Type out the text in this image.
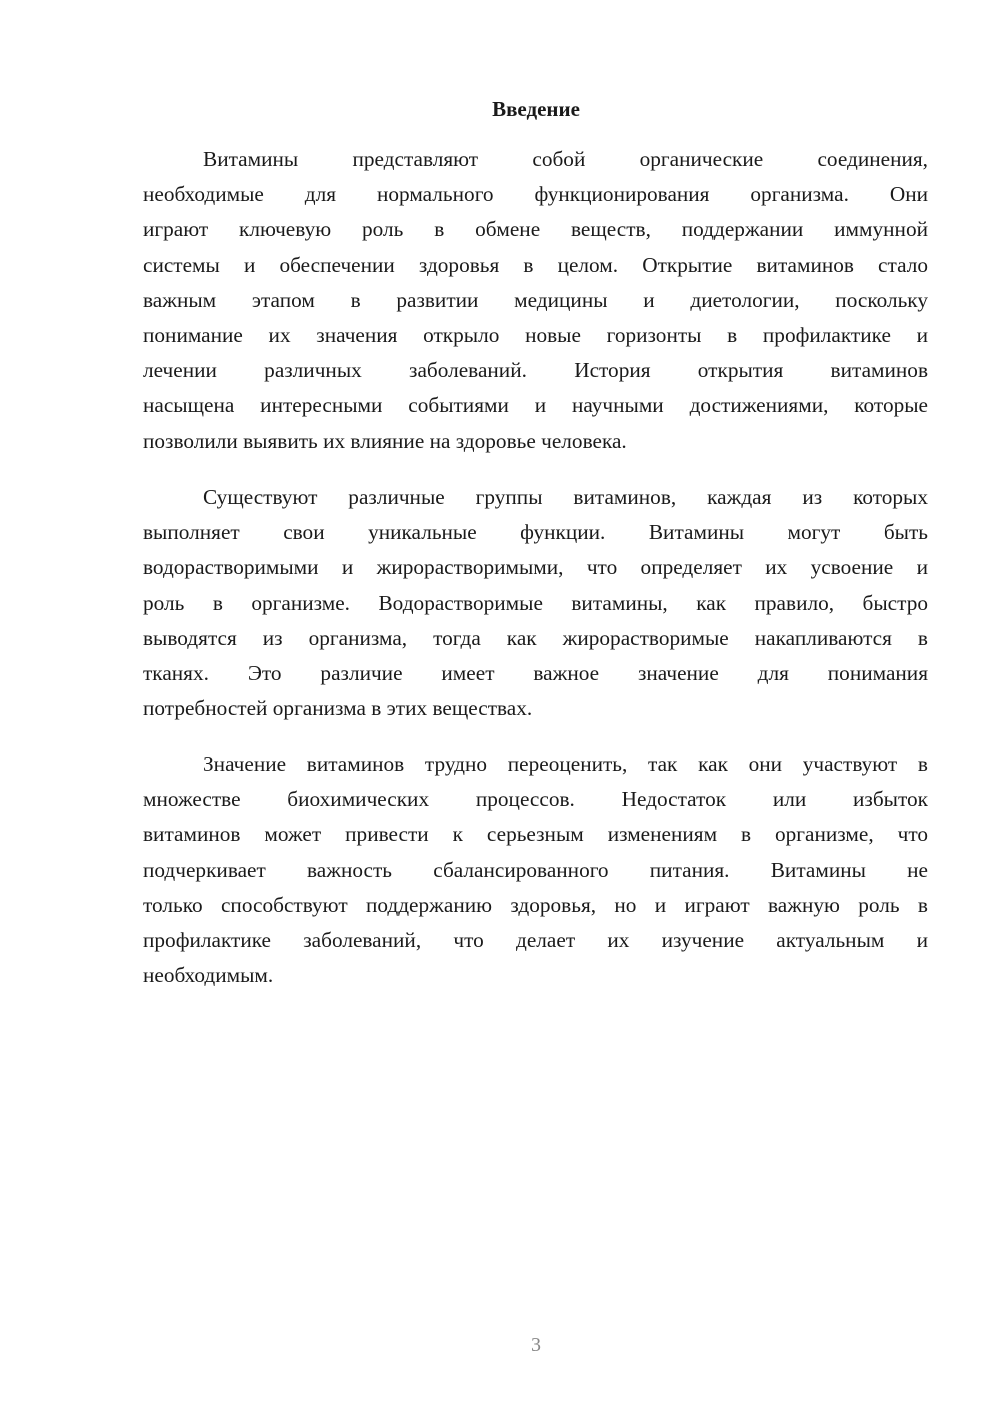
Введение
Витамины представляют собой органические соединения,
необходимые для нормального функционирования организма. Они
играют ключевую роль в обмене веществ, поддержании иммунной
системы и обеспечении здоровья в целом. Открытие витаминов стало
важным этапом в развитии медицины и диетологии, поскольку
понимание их значения открыло новые горизонты в профилактике и
лечении различных заболеваний. История открытия витаминов
насыщена интересными событиями и научными достижениями, которые
позволили выявить их влияние на здоровье человека.
Существуют различные группы витаминов, каждая из которых
выполняет свои уникальные функции. Витамины могут быть
водорастворимыми и жирорастворимыми, что определяет их усвоение и
роль в организме. Водорастворимые витамины, как правило, быстро
выводятся из организма, тогда как жирорастворимые накапливаются в
тканях. Это различие имеет важное значение для понимания
потребностей организма в этих веществах.
Значение витаминов трудно переоценить, так как они участвуют в
множестве биохимических процессов. Недостаток или избыток
витаминов может привести к серьезным изменениям в организме, что
подчеркивает важность сбалансированного питания. Витамины не
только способствуют поддержанию здоровья, но и играют важную роль в
профилактике заболеваний, что делает их изучение актуальным и
необходимым.
3
